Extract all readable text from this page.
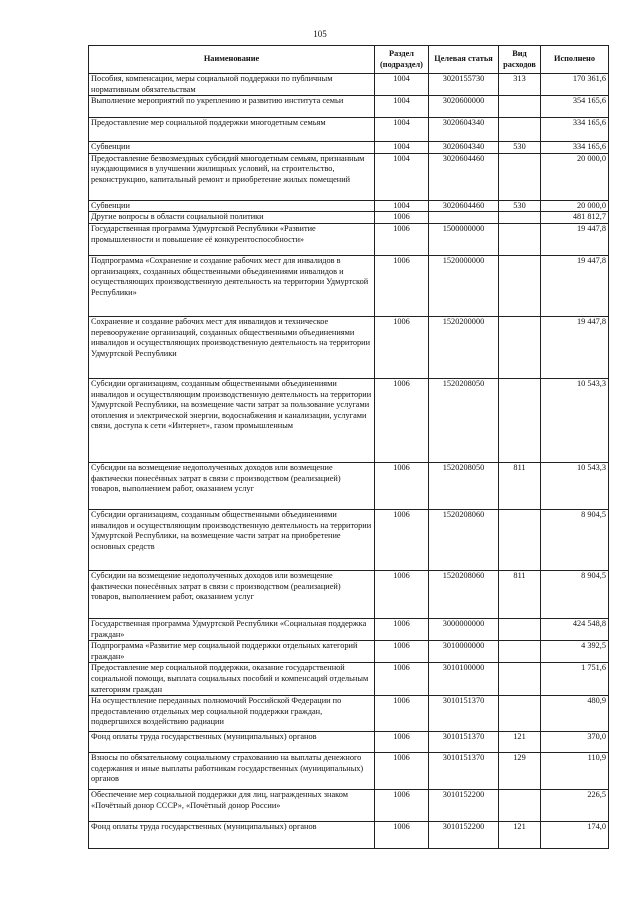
105
Наименование	Раздел (подраздел)	Целевая статья	Вид расходов	Исполнено
Пособия, компенсации, меры социальной поддержки по публичным нормативным обязательствам	1004	3020155730	313	170 361,6
Выполнение мероприятий по укреплению и развитию института семьи	1004	3020600000		354 165,6
Предоставление мер социальной поддержки многодетным семьям	1004	3020604340		334 165,6
Субвенции	1004	3020604340	530	334 165,6
Предоставление безвозмездных субсидий многодетным семьям, признанным нуждающимися в улучшении жилищных условий, на строительство, реконструкцию, капитальный ремонт и приобретение жилых помещений	1004	3020604460		20 000,0
Субвенции	1004	3020604460	530	20 000,0
Другие вопросы в области социальной политики	1006			481 812,7
Государственная программа Удмуртской Республики «Развитие промышленности и повышение её конкурентоспособности»	1006	1500000000		19 447,8
Подпрограмма «Сохранение и создание рабочих мест для инвалидов в организациях, созданных общественными объединениями инвалидов и осуществляющих производственную деятельность на территории Удмуртской Республики»	1006	1520000000		19 447,8
Сохранение и создание рабочих мест для инвалидов и техническое перевооружение организаций, созданных общественными объединениями инвалидов и осуществляющих производственную деятельность на территории Удмуртской Республики	1006	1520200000		19 447,8
Субсидии организациям, созданным общественными объединениями инвалидов и осуществляющим производственную деятельность на территории Удмуртской Республики, на возмещение части затрат за пользование услугами отопления и электрической энергии, водоснабжения и канализации, услугами связи, доступа к сети «Интернет», газом промышленным	1006	1520208050		10 543,3
Субсидии на возмещение недополученных доходов или возмещение фактически понесённых затрат в связи с производством (реализацией) товаров, выполнением работ, оказанием услуг	1006	1520208050	811	10 543,3
Субсидии организациям, созданным общественными объединениями инвалидов и осуществляющим производственную деятельность на территории Удмуртской Республики, на возмещение части затрат на приобретение основных средств	1006	1520208060		8 904,5
Субсидии на возмещение недополученных доходов или возмещение фактически понесённых затрат в связи с производством (реализацией) товаров, выполнением работ, оказанием услуг	1006	1520208060	811	8 904,5
Государственная программа Удмуртской Республики «Социальная поддержка граждан»	1006	3000000000		424 548,8
Подпрограмма «Развитие мер социальной поддержки отдельных категорий граждан»	1006	3010000000		4 392,5
Предоставление мер социальной поддержки, оказание государственной социальной помощи, выплата социальных пособий и компенсаций отдельным категориям граждан	1006	3010100000		1 751,6
На осуществление переданных полномочий Российской Федерации по предоставлению отдельных мер социальной поддержки граждан, подвергшихся воздействию радиации	1006	3010151370		480,9
Фонд оплаты труда государственных (муниципальных) органов	1006	3010151370	121	370,0
Взносы по обязательному социальному страхованию на выплаты денежного содержания и иные выплаты работникам государственных (муниципальных) органов	1006	3010151370	129	110,9
Обеспечение мер социальной поддержки для лиц, награжденных знаком «Почётный донор СССР», «Почётный донор России»	1006	3010152200		226,5
Фонд оплаты труда государственных (муниципальных) органов	1006	3010152200	121	174,0
